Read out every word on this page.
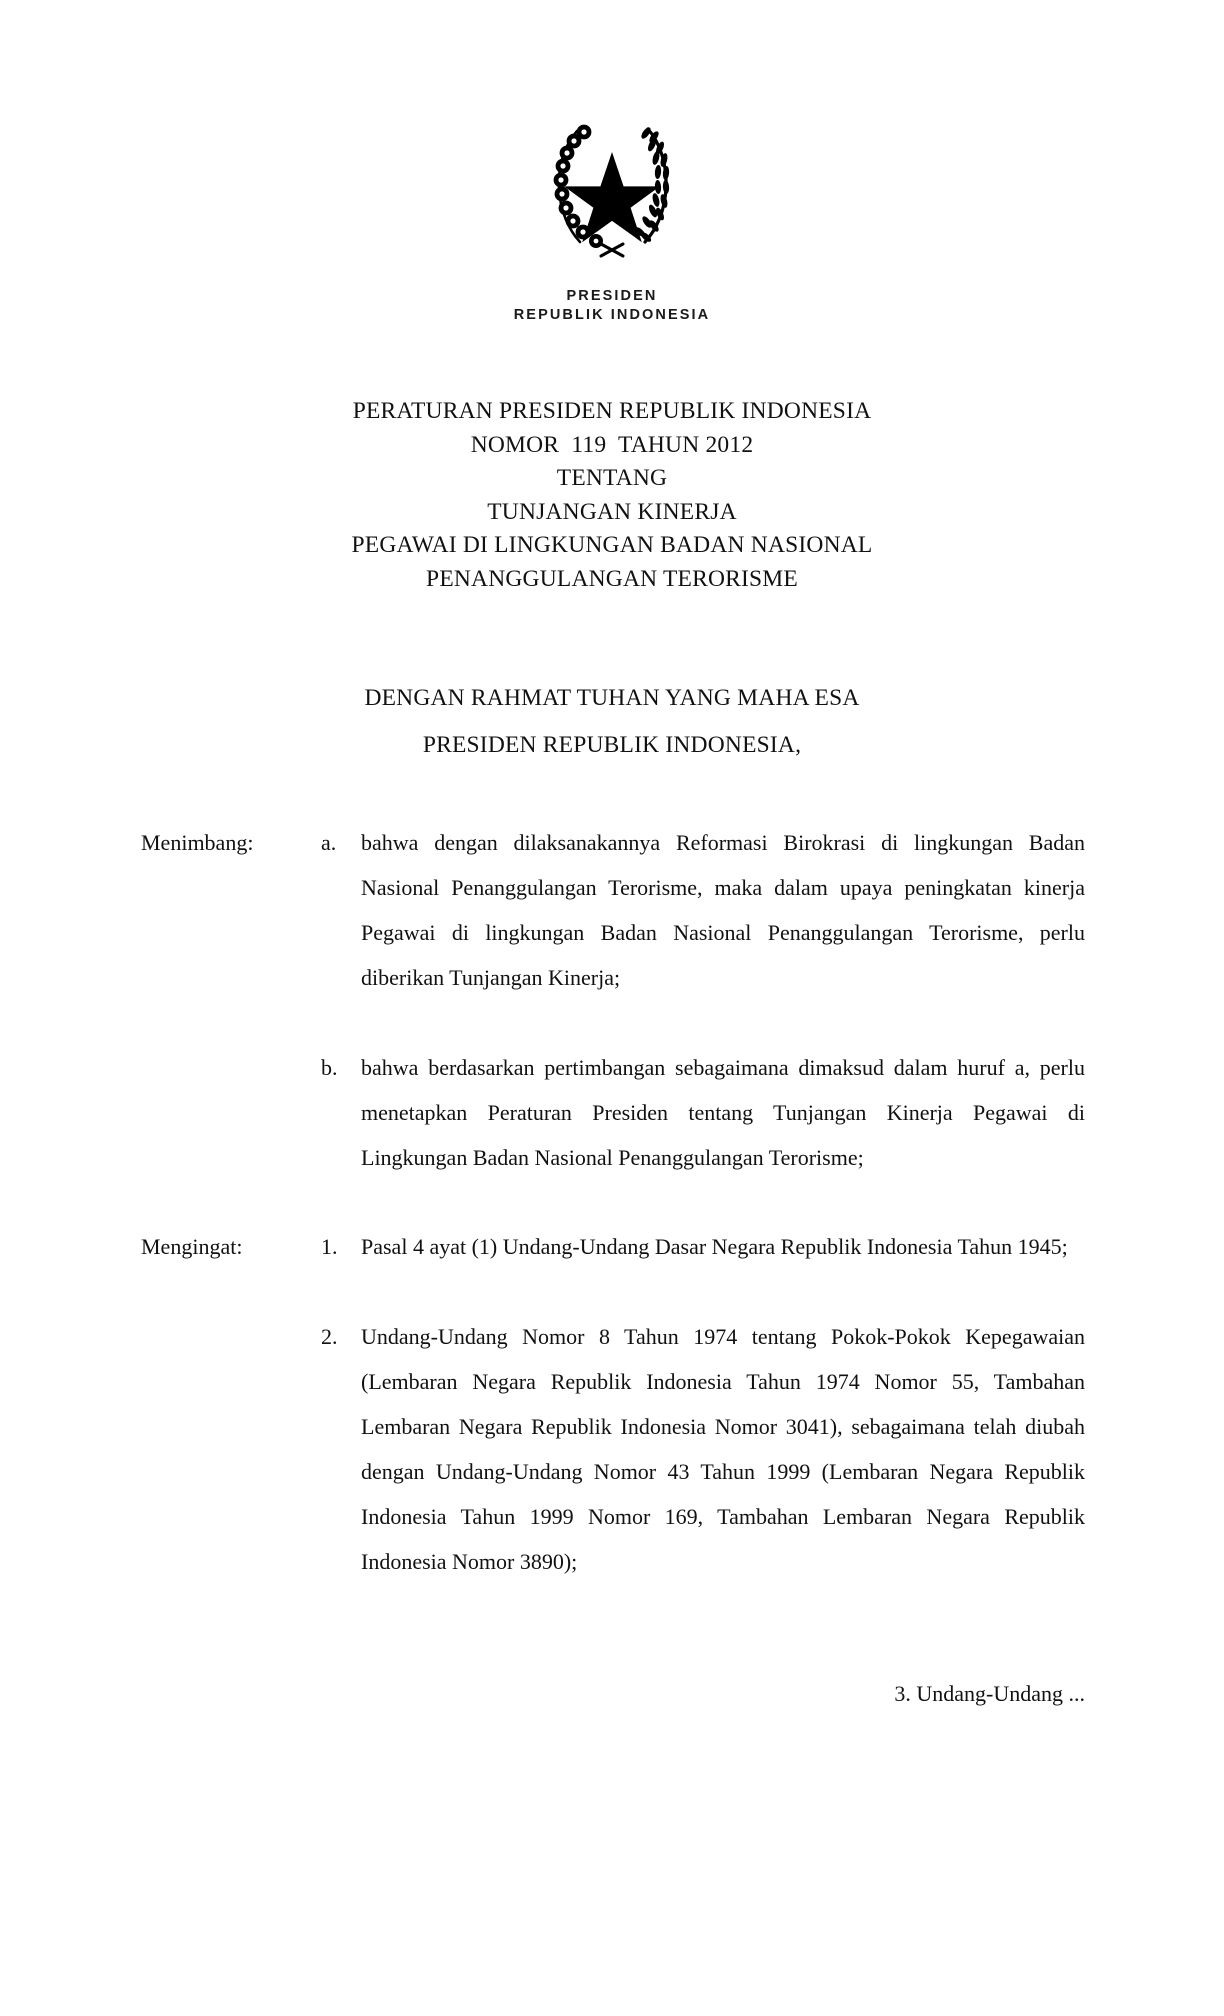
PRESIDEN
REPUBLIK INDONESIA
PERATURAN PRESIDEN REPUBLIK INDONESIA
NOMOR  119  TAHUN 2012
TENTANG
TUNJANGAN KINERJA
PEGAWAI DI LINGKUNGAN BADAN NASIONAL
PENANGGULANGAN TERORISME
DENGAN RAHMAT TUHAN YANG MAHA ESA
PRESIDEN REPUBLIK INDONESIA,
Menimbang:	a.	bahwa dengan dilaksanakannya Reformasi Birokrasi di lingkungan Badan Nasional Penanggulangan Terorisme, maka dalam upaya peningkatan kinerja Pegawai di lingkungan Badan Nasional Penanggulangan Terorisme, perlu diberikan Tunjangan Kinerja;
b.	bahwa berdasarkan pertimbangan sebagaimana dimaksud dalam huruf a, perlu menetapkan Peraturan Presiden tentang Tunjangan Kinerja Pegawai di Lingkungan Badan Nasional Penanggulangan Terorisme;
Mengingat:	1.	Pasal 4 ayat (1) Undang-Undang Dasar Negara Republik Indonesia Tahun 1945;
2.	Undang-Undang Nomor 8 Tahun 1974 tentang Pokok-Pokok Kepegawaian (Lembaran Negara Republik Indonesia Tahun 1974 Nomor 55, Tambahan Lembaran Negara Republik Indonesia Nomor 3041), sebagaimana telah diubah dengan Undang-Undang Nomor 43 Tahun 1999 (Lembaran Negara Republik Indonesia Tahun 1999 Nomor 169, Tambahan Lembaran Negara Republik Indonesia Nomor 3890);
3. Undang-Undang ...
